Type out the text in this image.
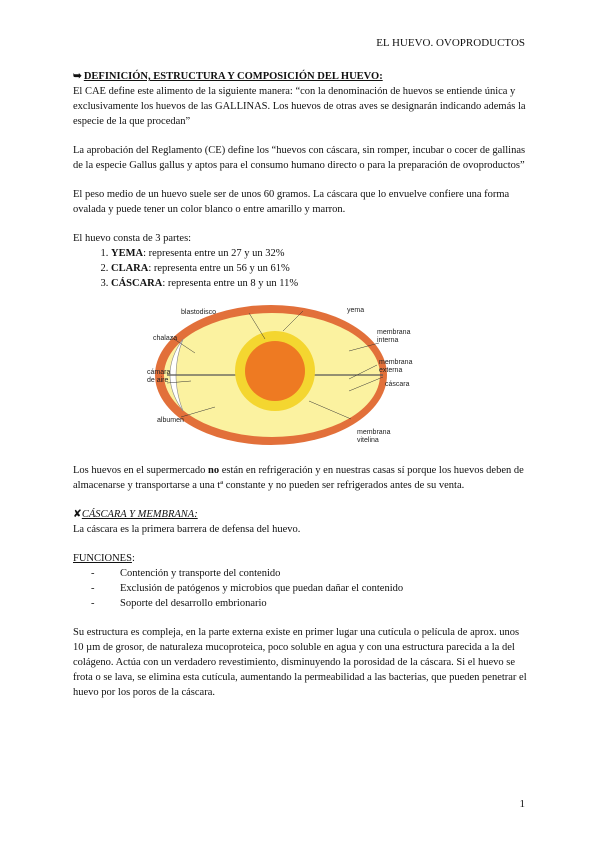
EL HUEVO. OVOPRODUCTOS

➥ DEFINICIÓN, ESTRUCTURA Y COMPOSICIÓN DEL HUEVO:

El CAE define este alimento de la siguiente manera: “con la denominación de huevos se entiende única y exclusivamente los huevos de las GALLINAS. Los huevos de otras aves se designarán indicando además la especie de la que procedan”

La aprobación del Reglamento (CE) define los “huevos con cáscara, sin romper, incubar o cocer de gallinas de la especie Gallus gallus y aptos para el consumo humano directo o para la preparación de ovoproductos”

El peso medio de un huevo suele ser de unos 60 gramos. La cáscara que lo envuelve confiere una forma ovalada y puede tener un color blanco o entre amarillo y marron.

El huevo consta de 3 partes:

1. YEMA: representa entre un 27 y un 32%
2. CLARA: representa entre un 56 y un 61%
3. CÁSCARA: representa entre un 8 y un 11%
blastodisco	yema
chalaza
membrana
interna
cámara
de aire
membrana
externa
cáscara
albumen
membrana
vitelina

Los huevos en el supermercado no están en refrigeración y en nuestras casas sí porque los huevos deben de almacenarse y transportarse a una tª constante y no pueden ser refrigerados antes de su venta.

✘CÁSCARA Y MEMBRANA:

La cáscara es la primera barrera de defensa del huevo.

FUNCIONES:

- Contención y transporte del contenido
- Exclusión de patógenos y microbios que puedan dañar el contenido
- Soporte del desarrollo embrionario

Su estructura es compleja, en la parte externa existe en primer lugar una cutícula o película de aprox. unos 10 µm de grosor, de naturaleza mucoproteica, poco soluble en agua y con una estructura parecida a la del colágeno. Actúa con un verdadero revestimiento, disminuyendo la porosidad de la cáscara. Si el huevo se frota o se lava, se elimina esta cutícula, aumentando la permeabilidad a las bacterias, que pueden penetrar el huevo por los poros de la cáscara.

1
